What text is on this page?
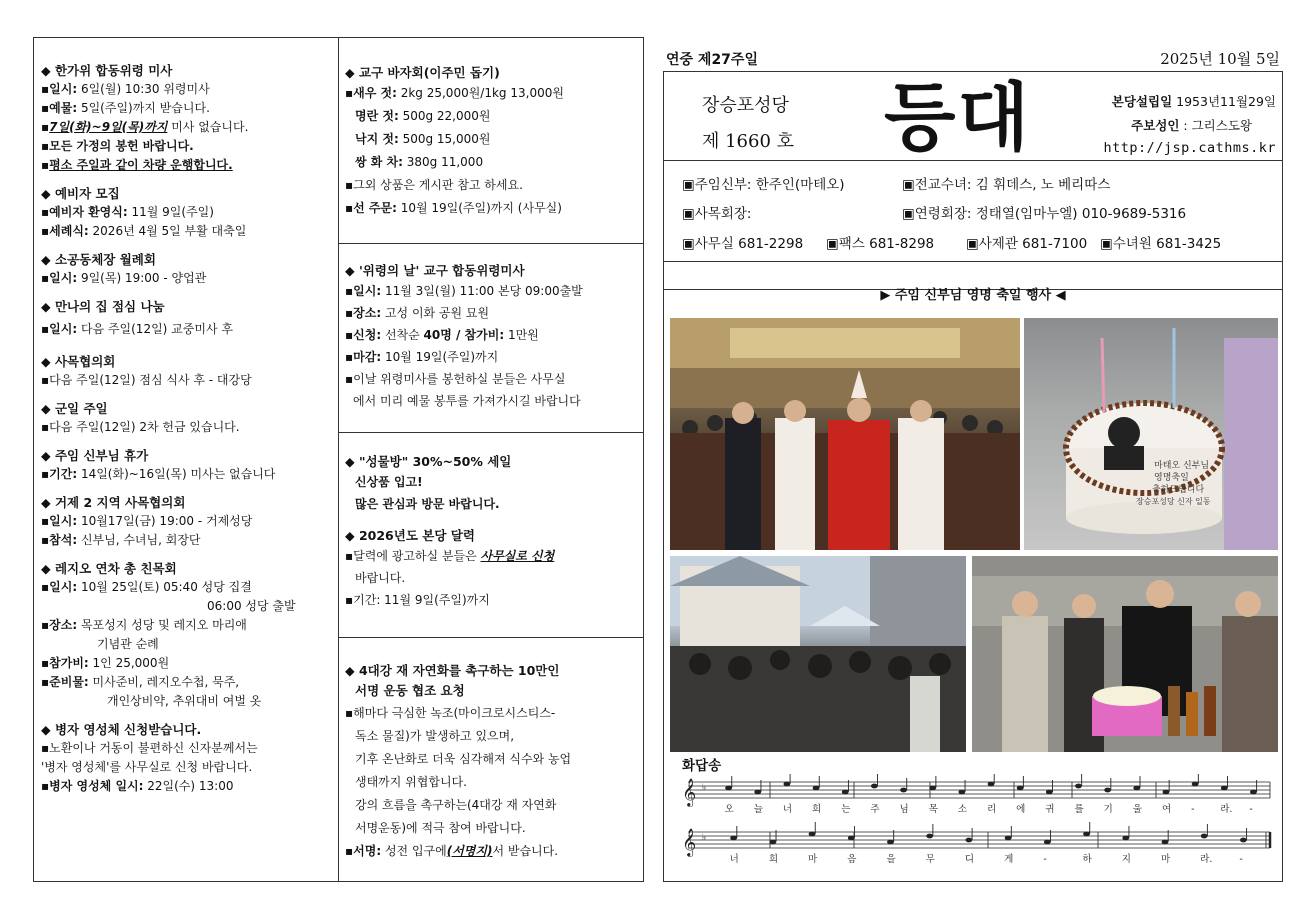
◆ 한가위 합동위령 미사
▪일시: 6일(월) 10:30 위령미사
▪예물: 5일(주일)까지 받습니다.
▪7일(화)~9일(목)까지 미사 없습니다.
▪모든 가정의 봉헌 바랍니다.
▪평소 주일과 같이 차량 운행합니다.
◆ 예비자 모집
▪예비자 환영식: 11월 9일(주일)
▪세례식: 2026년 4월 5일 부활 대축일
◆ 소공동체장 월례회
▪일시: 9일(목) 19:00 - 양업관
◆ 만나의 집 점심 나눔
▪일시: 다음 주일(12일) 교중미사 후
◆ 사목협의회
▪다음 주일(12일) 점심 식사 후 - 대강당
◆ 군일 주일
▪다음 주일(12일) 2차 헌금 있습니다.
◆ 주임 신부님 휴가
▪기간: 14일(화)~16일(목) 미사는 없습니다
◆ 거제 2 지역 사목협의회
▪일시: 10월17일(금) 19:00 - 거제성당
▪참석: 신부님, 수녀님, 회장단
◆ 레지오 연차 총 친목회
▪일시: 10월 25일(토) 05:40 성당 집결
06:00 성당 출발
▪장소: 목포성지 성당 및 레지오 마리애
기념관 순례
▪참가비: 1인 25,000원
▪준비물: 미사준비, 레지오수첩, 묵주,
개인상비약, 추위대비 여벌 옷
◆ 병자 영성체 신청받습니다.
▪노환이나 거동이 불편하신 신자분께서는
'병자 영성체'를 사무실로 신청 바랍니다.
▪병자 영성체 일시: 22일(수) 13:00
◆ 교구 바자회(이주민 돕기)
▪새우 젓: 2kg 25,000원/1kg 13,000원
명란 젓: 500g 22,000원
낙지 젓: 500g 15,000원
쌍 화 차: 380g 11,000
▪그외 상품은 게시판 참고 하세요.
▪선 주문: 10월 19일(주일)까지 (사무실)
◆ '위령의 날' 교구 합동위령미사
▪일시: 11월 3일(월) 11:00 본당 09:00출발
▪장소: 고성 이화 공원 묘원
▪신청: 선착순 40명 / 참가비: 1만원
▪마감: 10월 19일(주일)까지
▪이날 위령미사를 봉헌하실 분들은 사무실
에서 미리 예물 봉투를 가져가시길 바랍니다
◆ "성물방" 30%~50% 세일
신상품 입고!
많은 관심과 방문 바랍니다.
◆ 2026년도 본당 달력
▪달력에 광고하실 분들은 사무실로 신청
바랍니다.
▪기간: 11월 9일(주일)까지
◆ 4대강 재 자연화를 촉구하는 10만인
서명 운동 협조 요청
▪해마다 극심한 녹조(마이크로시스티스-
독소 물질)가 발생하고 있으며,
기후 온난화로 더욱 심각해져 식수와 농업
생태까지 위협합니다.
강의 흐름을 촉구하는(4대강 재 자연화
서명운동)에 적극 참여 바랍니다.
▪서명: 성전 입구에(서명지)서 받습니다.
연중 제27주일	2025년 10월 5일
장승포성당
제 1660 호 등대	본당설립일 1953년11월29일
주보성인 : 그리스도왕
http://jsp.cathms.kr
▣주임신부: 한주인(마테오)	▣전교수녀: 김 휘데스, 노 베리따스
▣사목회장:	▣연령회장: 정태열(임마누엘) 010-9689-5316
▣사무실 681-2298 ▣팩스 681-8298 ▣사제관 681-7100 ▣수녀원 681-3425
▶ 주임 신부님 영명 축일 행사 ◀
마태오 신부님
영명축일
축하드립니다
장승포성당 신자 일동
화답송
𝄞
𝄞
♭
♭
오 늘 너 희 는 주 님 목 소 리 에 귀 를 기 울 여 -	라. -
너	희	마	음	을	무	디	게	-	하	지	마	라.	-
